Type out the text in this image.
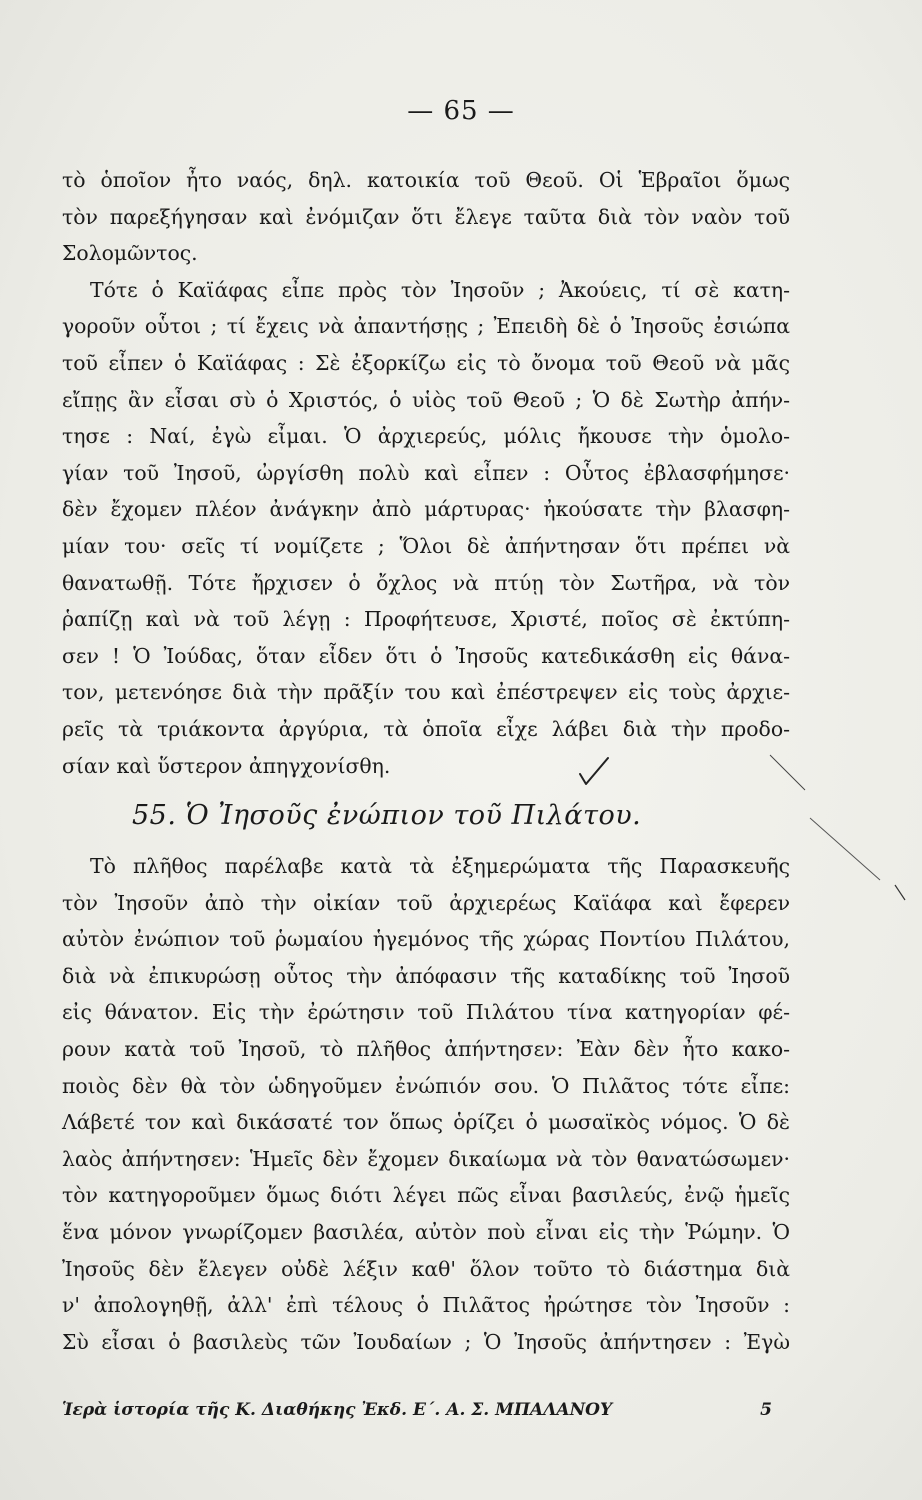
— 65 —
τὸ ὁποῖον ἦτο ναός, δηλ. κατοικία τοῦ Θεοῦ. Οἱ Ἑβραῖοι ὅμως
τὸν παρεξήγησαν καὶ ἐνόμιζαν ὅτι ἔλεγε ταῦτα διὰ τὸν ναὸν τοῦ
Σολομῶντος.
Τότε ὁ Καϊάφας εἶπε πρὸς τὸν Ἰησοῦν ; Ἀκούεις, τί σὲ κατη-
γοροῦν οὗτοι ; τί ἔχεις νὰ ἀπαντήσῃς ; Ἐπειδὴ δὲ ὁ Ἰησοῦς ἐσιώπα
τοῦ εἶπεν ὁ Καϊάφας : Σὲ ἐξορκίζω εἰς τὸ ὄνομα τοῦ Θεοῦ νὰ μᾶς
εἴπῃς ἂν εἶσαι σὺ ὁ Χριστός, ὁ υἱὸς τοῦ Θεοῦ ; Ὁ δὲ Σωτὴρ ἀπήν-
τησε : Ναί, ἐγὼ εἶμαι. Ὁ ἀρχιερεύς, μόλις ἤκουσε τὴν ὁμολο-
γίαν τοῦ Ἰησοῦ, ὠργίσθη πολὺ καὶ εἶπεν : Οὗτος ἐβλασφήμησε·
δὲν ἔχομεν πλέον ἀνάγκην ἀπὸ μάρτυρας· ἠκούσατε τὴν βλασφη-
μίαν του· σεῖς τί νομίζετε ; Ὅλοι δὲ ἀπήντησαν ὅτι πρέπει νὰ
θανατωθῇ. Τότε ἤρχισεν ὁ ὄχλος νὰ πτύῃ τὸν Σωτῆρα, νὰ τὸν
ῥαπίζῃ καὶ νὰ τοῦ λέγῃ : Προφήτευσε, Χριστέ, ποῖος σὲ ἐκτύπη-
σεν ! Ὁ Ἰούδας, ὅταν εἶδεν ὅτι ὁ Ἰησοῦς κατεδικάσθη εἰς θάνα-
τον, μετενόησε διὰ τὴν πρᾶξίν του καὶ ἐπέστρεψεν εἰς τοὺς ἀρχιε-
ρεῖς τὰ τριάκοντα ἀργύρια, τὰ ὁποῖα εἶχε λάβει διὰ τὴν προδο-
σίαν καὶ ὕστερον ἀπηγχονίσθη.
55. Ὁ Ἰησοῦς ἐνώπιον τοῦ Πιλάτου.
Τὸ πλῆθος παρέλαβε κατὰ τὰ ἐξημερώματα τῆς Παρασκευῆς
τὸν Ἰησοῦν ἀπὸ τὴν οἰκίαν τοῦ ἀρχιερέως Καϊάφα καὶ ἔφερεν
αὐτὸν ἐνώπιον τοῦ ῥωμαίου ἡγεμόνος τῆς χώρας Ποντίου Πιλάτου,
διὰ νὰ ἐπικυρώσῃ οὗτος τὴν ἀπόφασιν τῆς καταδίκης τοῦ Ἰησοῦ
εἰς θάνατον. Εἰς τὴν ἐρώτησιν τοῦ Πιλάτου τίνα κατηγορίαν φέ-
ρουν κατὰ τοῦ Ἰησοῦ, τὸ πλῆθος ἀπήντησεν: Ἐὰν δὲν ἦτο κακο-
ποιὸς δὲν θὰ τὸν ὡδηγοῦμεν ἐνώπιόν σου. Ὁ Πιλᾶτος τότε εἶπε:
Λάβετέ τον καὶ δικάσατέ τον ὅπως ὁρίζει ὁ μωσαϊκὸς νόμος. Ὁ δὲ
λαὸς ἀπήντησεν: Ἡμεῖς δὲν ἔχομεν δικαίωμα νὰ τὸν θανατώσωμεν·
τὸν κατηγοροῦμεν ὅμως διότι λέγει πῶς εἶναι βασιλεύς, ἐνῷ ἡμεῖς
ἕνα μόνον γνωρίζομεν βασιλέα, αὐτὸν ποὺ εἶναι εἰς τὴν Ῥώμην. Ὁ
Ἰησοῦς δὲν ἔλεγεν οὐδὲ λέξιν καθ' ὅλον τοῦτο τὸ διάστημα διὰ
ν' ἀπολογηθῇ, ἀλλ' ἐπὶ τέλους ὁ Πιλᾶτος ἠρώτησε τὸν Ἰησοῦν :
Σὺ εἶσαι ὁ βασιλεὺς τῶν Ἰουδαίων ; Ὁ Ἰησοῦς ἀπήντησεν : Ἐγὼ
Ἱερὰ ἱστορία τῆς Κ. Διαθήκης Ἐκδ. Ε΄. Α. Σ. ΜΠΑΛΑΝΟΥ	5
